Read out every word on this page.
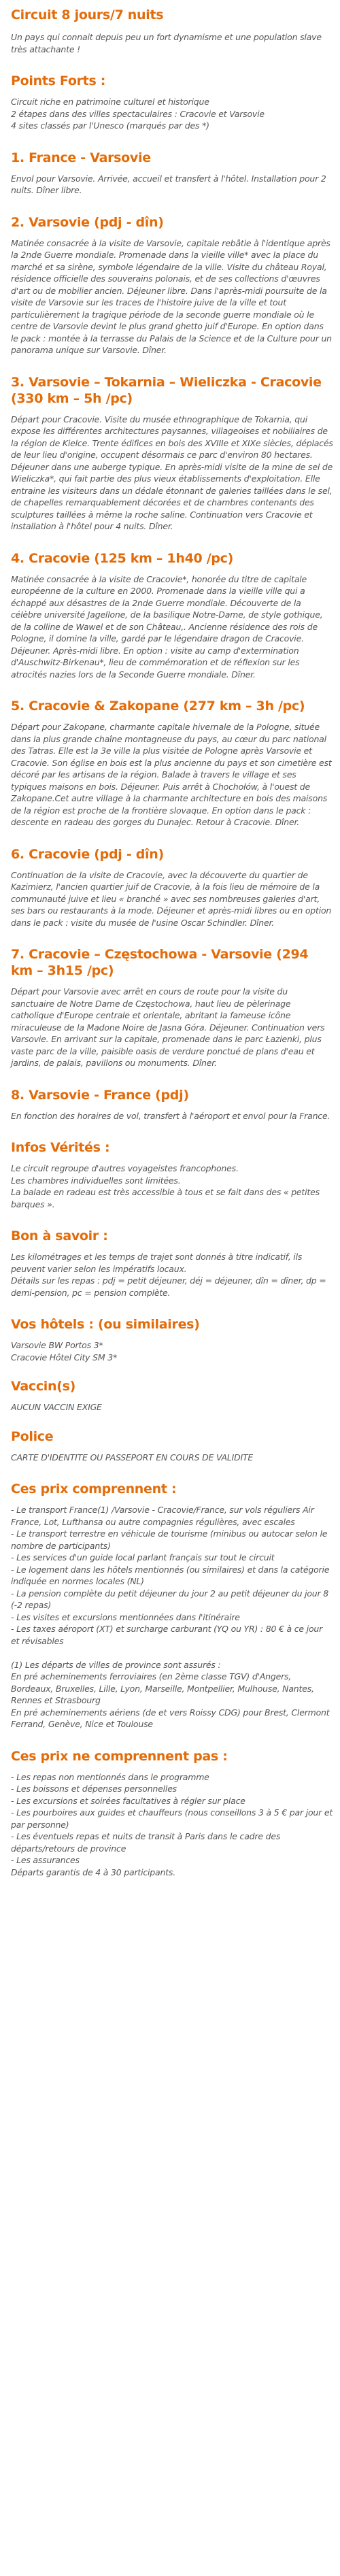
Circuit 8 jours/7 nuits

Un pays qui connait depuis peu un fort dynamisme et une population slave très attachante !

Points Forts :

Circuit riche en patrimoine culturel et historique
2 étapes dans des villes spectaculaires : Cracovie et Varsovie
4 sites classés par l'Unesco (marqués par des *)

1. France - Varsovie

Envol pour Varsovie. Arrivée, accueil et transfert à l'hôtel. Installation pour 2 nuits. Dîner libre.

2. Varsovie (pdj - dîn)

Matinée consacrée à la visite de Varsovie, capitale rebâtie à l'identique après la 2nde Guerre mondiale. Promenade dans la vieille ville* avec la place du marché et sa sirène, symbole légendaire de la ville. Visite du château Royal, résidence officielle des souverains polonais, et de ses collections d'œuvres d'art ou de mobilier ancien. Déjeuner libre. Dans l'après-midi poursuite de la visite de Varsovie sur les traces de l'histoire juive de la ville et tout particulièrement la tragique période de la seconde guerre mondiale où le centre de Varsovie devint le plus grand ghetto juif d'Europe. En option dans le pack : montée à la terrasse du Palais de la Science et de la Culture pour un panorama unique sur Varsovie. Dîner.

3. Varsovie – Tokarnia – Wieliczka - Cracovie (330 km – 5h /pc)

Départ pour Cracovie. Visite du musée ethnographique de Tokarnia, qui expose les différentes architectures paysannes, villageoises et nobiliaires de la région de Kielce. Trente édifices en bois des XVIIIe et XIXe siècles, déplacés de leur lieu d'origine, occupent désormais ce parc d'environ 80 hectares. Déjeuner dans une auberge typique. En après-midi visite de la mine de sel de Wieliczka*, qui fait partie des plus vieux établissements d'exploitation. Elle entraine les visiteurs dans un dédale étonnant de galeries taillées dans le sel, de chapelles remarquablement décorées et de chambres contenants des sculptures taillées à même la roche saline. Continuation vers Cracovie et installation à l'hôtel pour 4 nuits. Dîner.

4. Cracovie (125 km – 1h40 /pc)

Matinée consacrée à la visite de Cracovie*, honorée du titre de capitale européenne de la culture en 2000. Promenade dans la vieille ville qui a échappé aux désastres de la 2nde Guerre mondiale. Découverte de la célèbre université Jagellone, de la basilique Notre-Dame, de style gothique, de la colline de Wawel et de son Château,. Ancienne résidence des rois de Pologne, il domine la ville, gardé par le légendaire dragon de Cracovie. Déjeuner. Après-midi libre. En option : visite au camp d'extermination d'Auschwitz-Birkenau*, lieu de commémoration et de réflexion sur les atrocités nazies lors de la Seconde Guerre mondiale. Dîner.

5. Cracovie & Zakopane (277 km – 3h /pc)

Départ pour Zakopane, charmante capitale hivernale de la Pologne, située dans la plus grande chaîne montagneuse du pays, au cœur du parc national des Tatras. Elle est la 3e ville la plus visitée de Pologne après Varsovie et Cracovie. Son église en bois est la plus ancienne du pays et son cimetière est décoré par les artisans de la région. Balade à travers le village et ses typiques maisons en bois. Déjeuner. Puis arrêt à Chochołów, à l'ouest de Zakopane.Cet autre village à la charmante architecture en bois des maisons de la région est proche de la frontière slovaque. En option dans le pack : descente en radeau des gorges du Dunajec. Retour à Cracovie. Dîner.

6. Cracovie (pdj - dîn)

Continuation de la visite de Cracovie, avec la découverte du quartier de Kazimierz, l'ancien quartier juif de Cracovie, à la fois lieu de mémoire de la communauté juive et lieu « branché » avec ses nombreuses galeries d'art, ses bars ou restaurants à la mode. Déjeuner et après-midi libres ou en option dans le pack : visite du musée de l'usine Oscar Schindler. Dîner.

7. Cracovie – Częstochowa - Varsovie (294 km – 3h15 /pc)

Départ pour Varsovie avec arrêt en cours de route pour la visite du sanctuaire de Notre Dame de Częstochowa, haut lieu de pèlerinage catholique d'Europe centrale et orientale, abritant la fameuse icône miraculeuse de la Madone Noire de Jasna Góra. Déjeuner. Continuation vers Varsovie. En arrivant sur la capitale, promenade dans le parc Łazienki, plus vaste parc de la ville, paisible oasis de verdure ponctué de plans d'eau et jardins, de palais, pavillons ou monuments. Dîner.

8. Varsovie - France (pdj)

En fonction des horaires de vol, transfert à l'aéroport et envol pour la France.

Infos Vérités :

Le circuit regroupe d'autres voyageistes francophones.
Les chambres individuelles sont limitées.
La balade en radeau est très accessible à tous et se fait dans des « petites barques ».

Bon à savoir :

Les kilométrages et les temps de trajet sont donnés à titre indicatif, ils peuvent varier selon les impératifs locaux.
Détails sur les repas : pdj = petit déjeuner, déj = déjeuner, dîn = dîner, dp = demi-pension, pc = pension complète.

Vos hôtels : (ou similaires)

Varsovie BW Portos 3*
Cracovie Hôtel City SM 3*

Vaccin(s)

AUCUN VACCIN EXIGE

Police

CARTE D'IDENTITE OU PASSEPORT EN COURS DE VALIDITE

Ces prix comprennent :

- Le transport France(1) /Varsovie - Cracovie/France, sur vols réguliers Air France, Lot, Lufthansa ou autre compagnies régulières, avec escales
- Le transport terrestre en véhicule de tourisme (minibus ou autocar selon le nombre de participants)
- Les services d'un guide local parlant français sur tout le circuit
- Le logement dans les hôtels mentionnés (ou similaires) et dans la catégorie indiquée en normes locales (NL)
- La pension complète du petit déjeuner du jour 2 au petit déjeuner du jour 8 (-2 repas)
- Les visites et excursions mentionnées dans l'itinéraire
- Les taxes aéroport (XT) et surcharge carburant (YQ ou YR) : 80 € à ce jour et révisables
(1) Les départs de villes de province sont assurés :
En pré acheminements ferroviaires (en 2ème classe TGV) d'Angers, Bordeaux, Bruxelles, Lille, Lyon, Marseille, Montpellier, Mulhouse, Nantes, Rennes et Strasbourg
En pré acheminements aériens (de et vers Roissy CDG) pour Brest, Clermont Ferrand, Genève, Nice et Toulouse

Ces prix ne comprennent pas :

- Les repas non mentionnés dans le programme
- Les boissons et dépenses personnelles
- Les excursions et soirées facultatives à régler sur place
- Les pourboires aux guides et chauffeurs (nous conseillons 3 à 5 € par jour et par personne)
- Les éventuels repas et nuits de transit à Paris dans le cadre des départs/retours de province
- Les assurances
Départs garantis de 4 à 30 participants.
